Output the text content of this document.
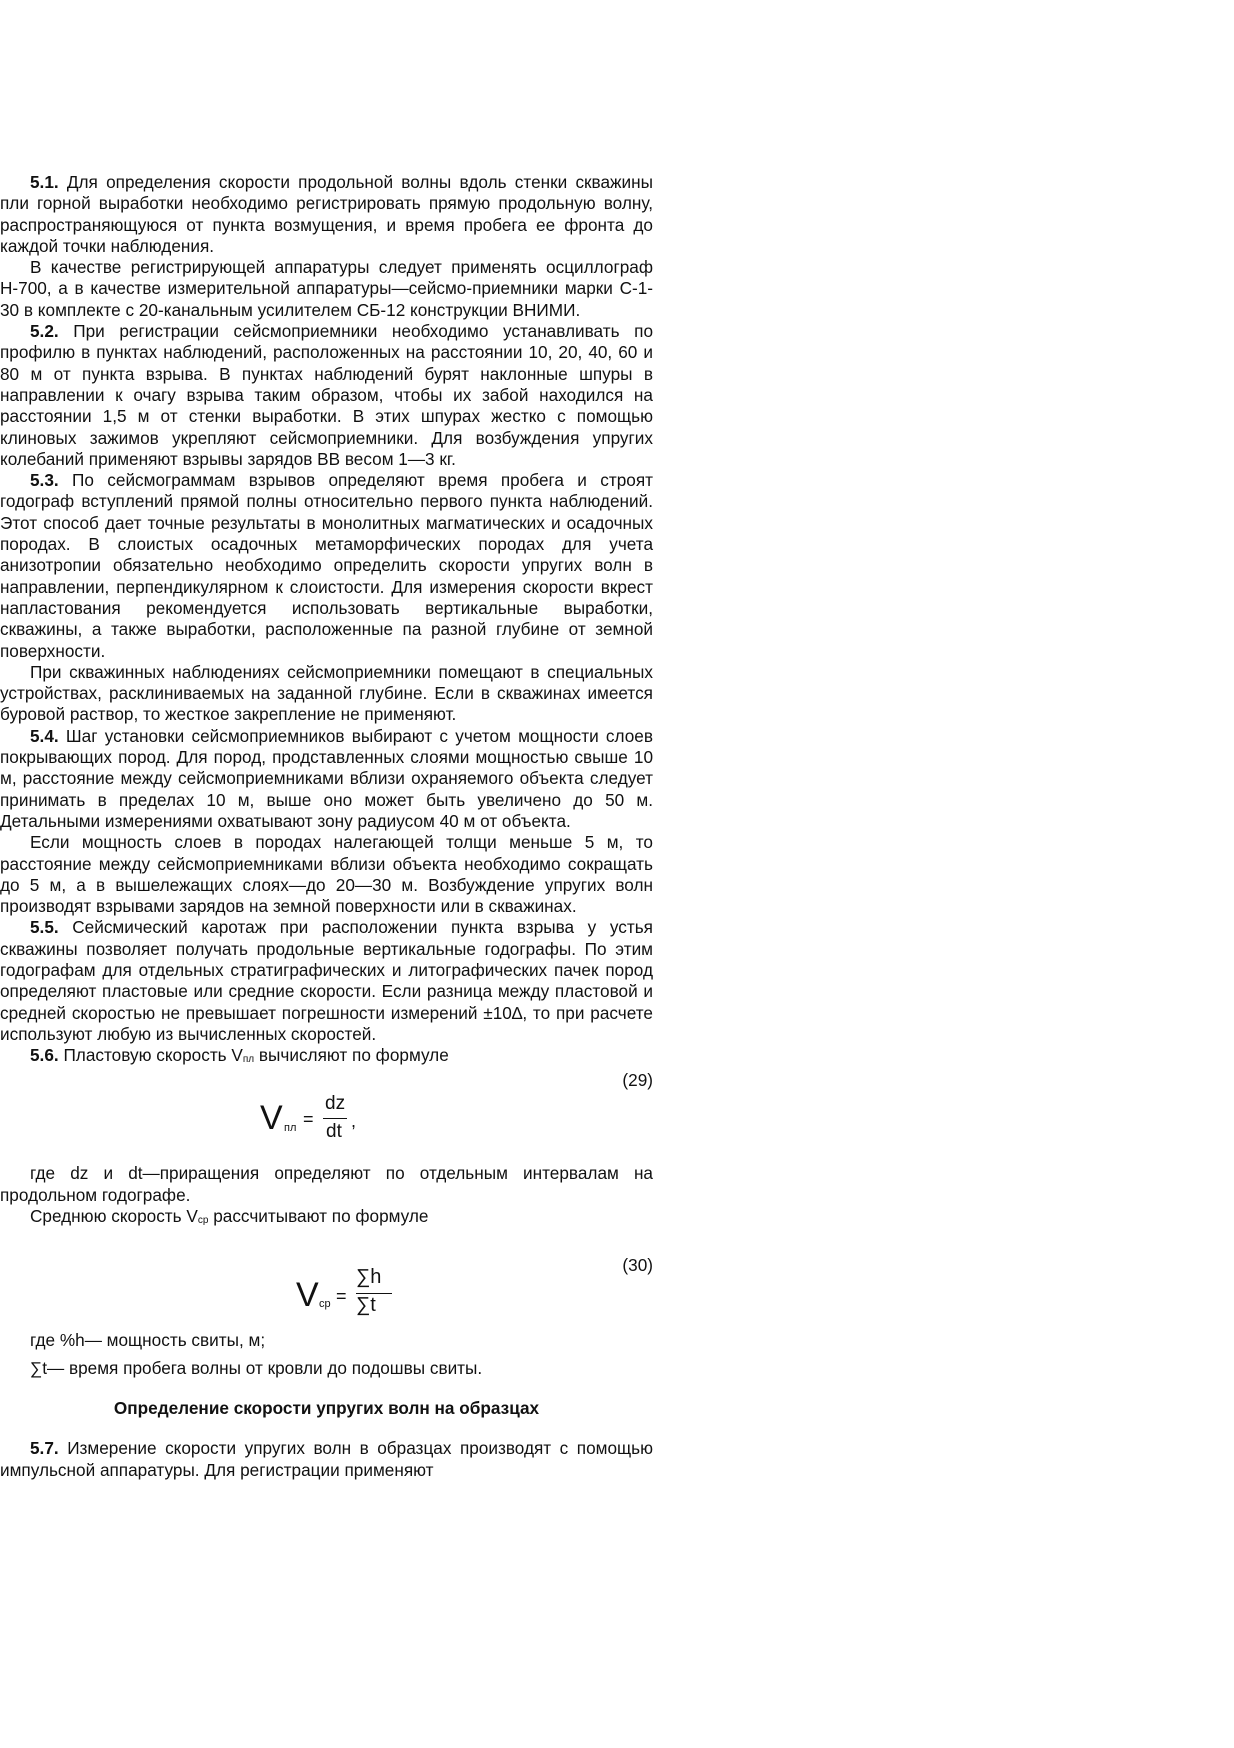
5.1. Для определения скорости продольной волны вдоль стенки скважины пли горной выработки необходимо регистрировать прямую продольную волну, распространяющуюся от пункта возмущения, и время пробега ее фронта до каждой точки наблюдения.

В качестве регистрирующей аппаратуры следует применять осциллограф Н-700, а в качестве измерительной аппаратуры—сейсмо-приемники марки С-1-30 в комплекте с 20-канальным усилителем СБ-12 конструкции ВНИМИ.

5.2. При регистрации сейсмоприемники необходимо устанавливать по профилю в пунктах наблюдений, расположенных на расстоянии 10, 20, 40, 60 и 80 м от пункта взрыва. В пунктах наблюдений бурят наклонные шпуры в направлении к очагу взрыва таким образом, чтобы их забой находился на расстоянии 1,5 м от стенки выработки. В этих шпурах жестко с помощью клиновых зажимов укрепляют сейсмоприемники. Для возбуждения упругих колебаний применяют взрывы зарядов ВВ весом 1—3 кг.

5.3. По сейсмограммам взрывов определяют время пробега и строят годограф вступлений прямой полны относительно первого пункта наблюдений. Этот способ дает точные результаты в монолитных магматических и осадочных породах. В слоистых осадочных метаморфических породах для учета анизотропии обязательно необходимо определить скорости упругих волн в направлении, перпендикулярном к слоистости. Для измерения скорости вкрест напластования рекомендуется использовать вертикальные выработки, скважины, а также выработки, расположенные па разной глубине от земной поверхности.

При скважинных наблюдениях сейсмоприемники помещают в специальных устройствах, расклиниваемых на заданной глубине. Если в скважинах имеется буровой раствор, то жесткое закрепление не применяют.

5.4. Шаг установки сейсмоприемников выбирают с учетом мощности слоев покрывающих пород. Для пород, продставленных слоями мощностью свыше 10 м, расстояние между сейсмоприемниками вблизи охраняемого объекта следует принимать в пределах 10 м, выше оно может быть увеличено до 50 м. Детальными измерениями охватывают зону радиусом 40 м от объекта.

Если мощность слоев в породах налегающей толщи меньше 5 м, то расстояние между сейсмоприемниками вблизи объекта необходимо сокращать до 5 м, а в вышележащих слоях—до 20—30 м. Возбуждение упругих волн производят взрывами зарядов на земной поверхности или в скважинах.

5.5. Сейсмический каротаж при расположении пункта взрыва у устья скважины позволяет получать продольные вертикальные годографы. По этим годографам для отдельных стратиграфических и литографических пачек пород определяют пластовые или средние скорости. Если разница между пластовой и средней скоростью не превышает погрешности измерений ±10∆, то при расчете используют любую из вычисленных скоростей.

5.6. Пластовую скорость Vпл вычисляют по формуле

(29)

V пл =
dz
dt ,

где dz и dt—приращения определяют по отдельным интервалам на продольном годографе.

Среднюю скорость Vср рассчитывают по формуле

(30)

V ср =
∑h
∑t

где %h— мощность свиты, м;

∑t— время пробега волны от кровли до подошвы свиты.

Определение скорости упругих волн на образцах

5.7. Измерение скорости упругих волн в образцах производят с помощью импульсной аппаратуры. Для регистрации применяют
